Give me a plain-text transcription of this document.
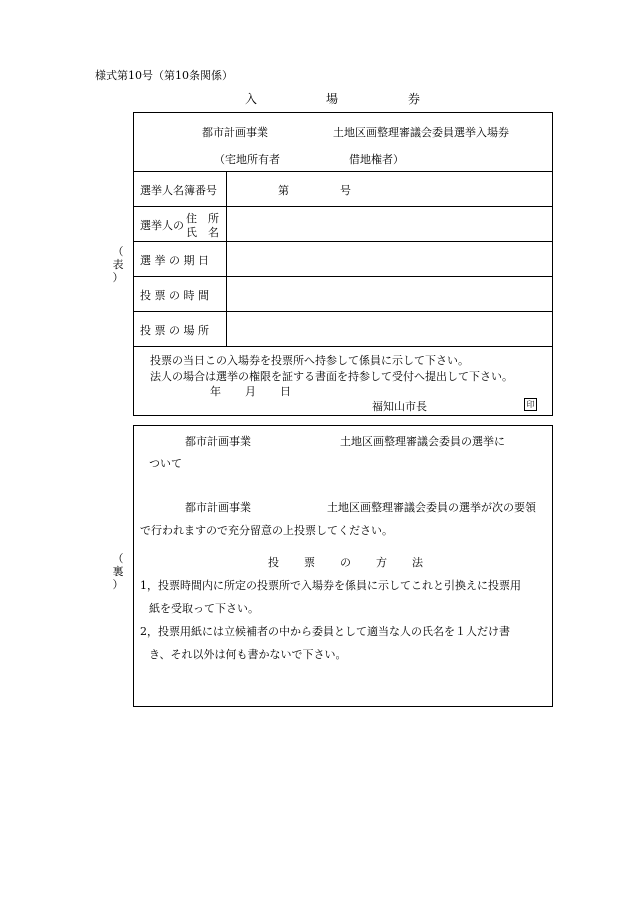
様式第10号（第10条関係）
入	場	券
（
表
）
都市計画事業	土地区画整理審議会委員選挙入場券
（宅地所有者	借地権者）
選挙人名簿番号	第	号
選挙人の
住　所
氏　名
選 挙 の 期 日
投 票 の 時 間
投 票 の 場 所
投票の当日この入場券を投票所へ持参して係員に示して下さい。
法人の場合は選挙の権限を証する書面を持参して受付へ提出して下さい。
年 月 日
福知山市長	印
（
裏
）
都市計画事業	土地区画整理審議会委員の選挙に
ついて
都市計画事業	土地区画整理審議会委員の選挙が次の要領
で行われますので充分留意の上投票してください。
投 票 の 方 法
1，投票時間内に所定の投票所で入場券を係員に示してこれと引換えに投票用
紙を受取って下さい。
2，投票用紙には立候補者の中から委員として適当な人の氏名を１人だけ書
き、それ以外は何も書かないで下さい。
